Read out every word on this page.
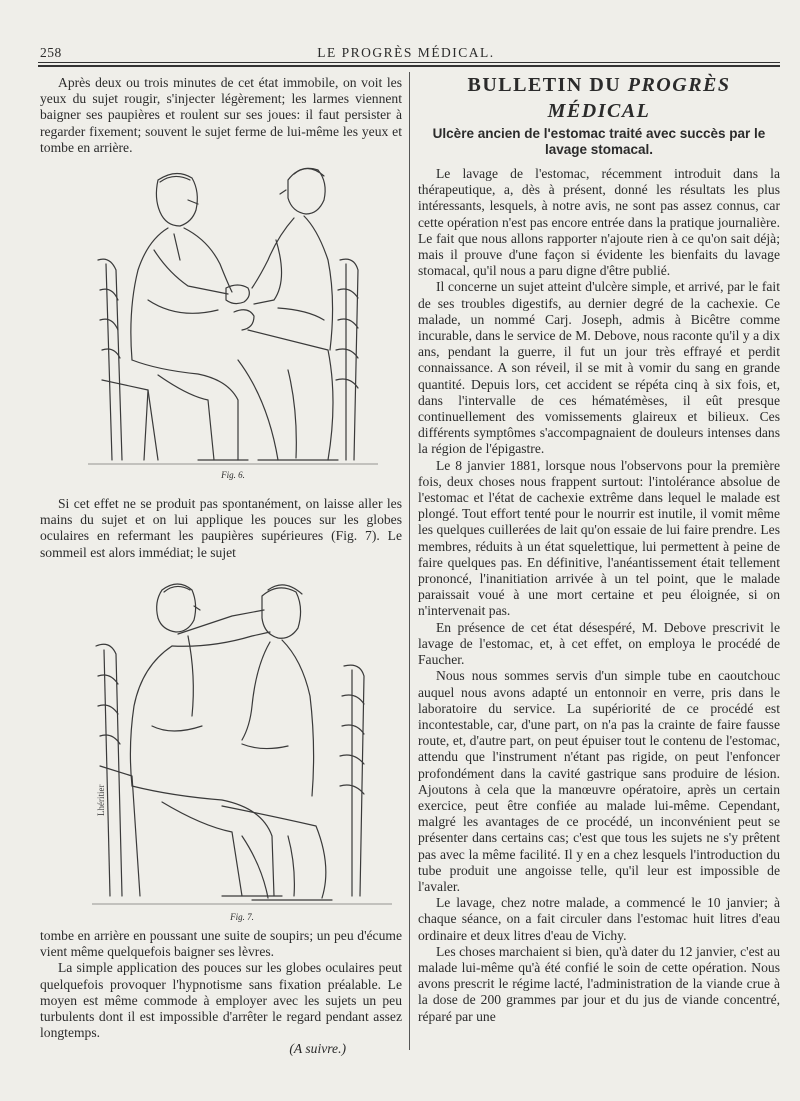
258	LE PROGRÈS MÉDICAL.

Après deux ou trois minutes de cet état immobile, on voit les yeux du sujet rougir, s'injecter légèrement; les larmes viennent baigner ses paupières et roulent sur ses joues: il faut persister à regarder fixement; souvent le sujet ferme de lui-même les yeux et tombe en arrière.

Fig. 6.

Si cet effet ne se produit pas spontanément, on laisse aller les mains du sujet et on lui applique les pouces sur les globes oculaires en refermant les paupières supérieures (Fig. 7). Le sommeil est alors immédiat; le sujet

Lhéritier
Fig. 7.

tombe en arrière en poussant une suite de soupirs; un peu d'écume vient même quelquefois baigner ses lèvres.

La simple application des pouces sur les globes oculaires peut quelquefois provoquer l'hypnotisme sans fixation préalable. Le moyen est même commode à employer avec les sujets un peu turbulents dont il est impossible d'arrêter le regard pendant assez longtemps.

(A suivre.)

BULLETIN DU PROGRÈS MÉDICAL
Ulcère ancien de l'estomac traité avec succès par le lavage stomacal.

Le lavage de l'estomac, récemment introduit dans la thérapeutique, a, dès à présent, donné les résultats les plus intéressants, lesquels, à notre avis, ne sont pas assez connus, car cette opération n'est pas encore entrée dans la pratique journalière. Le fait que nous allons rapporter n'ajoute rien à ce qu'on sait déjà; mais il prouve d'une façon si évidente les bienfaits du lavage stomacal, qu'il nous a paru digne d'être publié.

Il concerne un sujet atteint d'ulcère simple, et arrivé, par le fait de ses troubles digestifs, au dernier degré de la cachexie. Ce malade, un nommé Carj. Joseph, admis à Bicêtre comme incurable, dans le service de M. Debove, nous raconte qu'il y a dix ans, pendant la guerre, il fut un jour très effrayé et perdit connaissance. A son réveil, il se mit à vomir du sang en grande quantité. Depuis lors, cet accident se répéta cinq à six fois, et, dans l'intervalle de ces hématémèses, il eût presque continuellement des vomissements glaireux et bilieux. Ces différents symptômes s'accompagnaient de douleurs intenses dans la région de l'épigastre.

Le 8 janvier 1881, lorsque nous l'observons pour la première fois, deux choses nous frappent surtout: l'intolérance absolue de l'estomac et l'état de cachexie extrême dans lequel le malade est plongé. Tout effort tenté pour le nourrir est inutile, il vomit même les quelques cuillerées de lait qu'on essaie de lui faire prendre. Les membres, réduits à un état squelettique, lui permettent à peine de faire quelques pas. En définitive, l'anéantissement était tellement prononcé, l'inanitiation arrivée à un tel point, que le malade paraissait voué à une mort certaine et peu éloignée, si on n'intervenait pas.

En présence de cet état désespéré, M. Debove prescrivit le lavage de l'estomac, et, à cet effet, on employa le procédé de Faucher.

Nous nous sommes servis d'un simple tube en caoutchouc auquel nous avons adapté un entonnoir en verre, pris dans le laboratoire du service. La supériorité de ce procédé est incontestable, car, d'une part, on n'a pas la crainte de faire fausse route, et, d'autre part, on peut épuiser tout le contenu de l'estomac, attendu que l'instrument n'étant pas rigide, on peut l'enfoncer profondément dans la cavité gastrique sans produire de lésion. Ajoutons à cela que la manœuvre opératoire, après un certain exercice, peut être confiée au malade lui-même. Cependant, malgré les avantages de ce procédé, un inconvénient peut se présenter dans certains cas; c'est que tous les sujets ne s'y prêtent pas avec la même facilité. Il y en a chez lesquels l'introduction du tube produit une angoisse telle, qu'il leur est impossible de l'avaler.

Le lavage, chez notre malade, a commencé le 10 janvier; à chaque séance, on a fait circuler dans l'estomac huit litres d'eau ordinaire et deux litres d'eau de Vichy.

Les choses marchaient si bien, qu'à dater du 12 janvier, c'est au malade lui-même qu'à été confié le soin de cette opération. Nous avons prescrit le régime lacté, l'administration de la viande crue à la dose de 200 grammes par jour et du jus de viande concentré, réparé par une
